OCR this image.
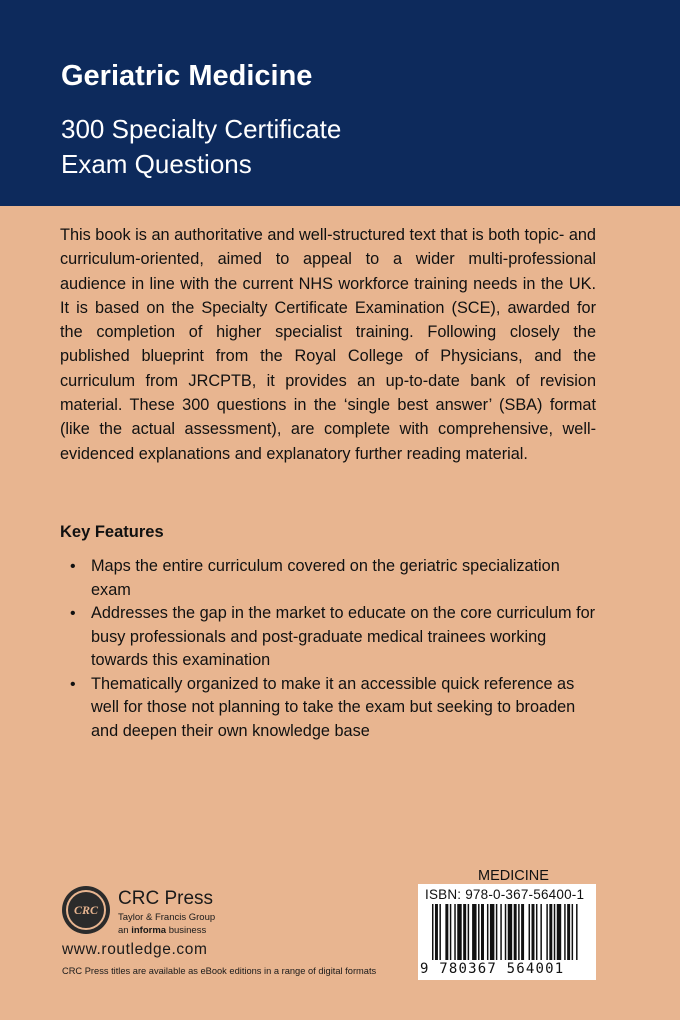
Geriatric Medicine
300 Specialty Certificate
Exam Questions
This book is an authoritative and well-structured text that is both topic- and curriculum-oriented, aimed to appeal to a wider multi-professional audience in line with the current NHS workforce training needs in the UK. It is based on the Specialty Certificate Examination (SCE), awarded for the completion of higher specialist training. Following closely the published blueprint from the Royal College of Physicians, and the curriculum from JRCPTB, it provides an up-to-date bank of revision material. These 300 questions in the ‘single best answer’ (SBA) format (like the actual assessment), are complete with comprehensive, well-evidenced explanations and explanatory further reading material.
Key Features
• Maps the entire curriculum covered on the geriatric specialization exam
• Addresses the gap in the market to educate on the core curriculum for busy professionals and post-graduate medical trainees working towards this examination
• Thematically organized to make it an accessible quick reference as well for those not planning to take the exam but seeking to broaden and deepen their own knowledge base
CRC
CRC Press
Taylor & Francis Group
an informa business
www.routledge.com
CRC Press titles are available as eBook editions in a range of digital formats
MEDICINE
ISBN: 978-0-367-56400-1
9 780367 564001
